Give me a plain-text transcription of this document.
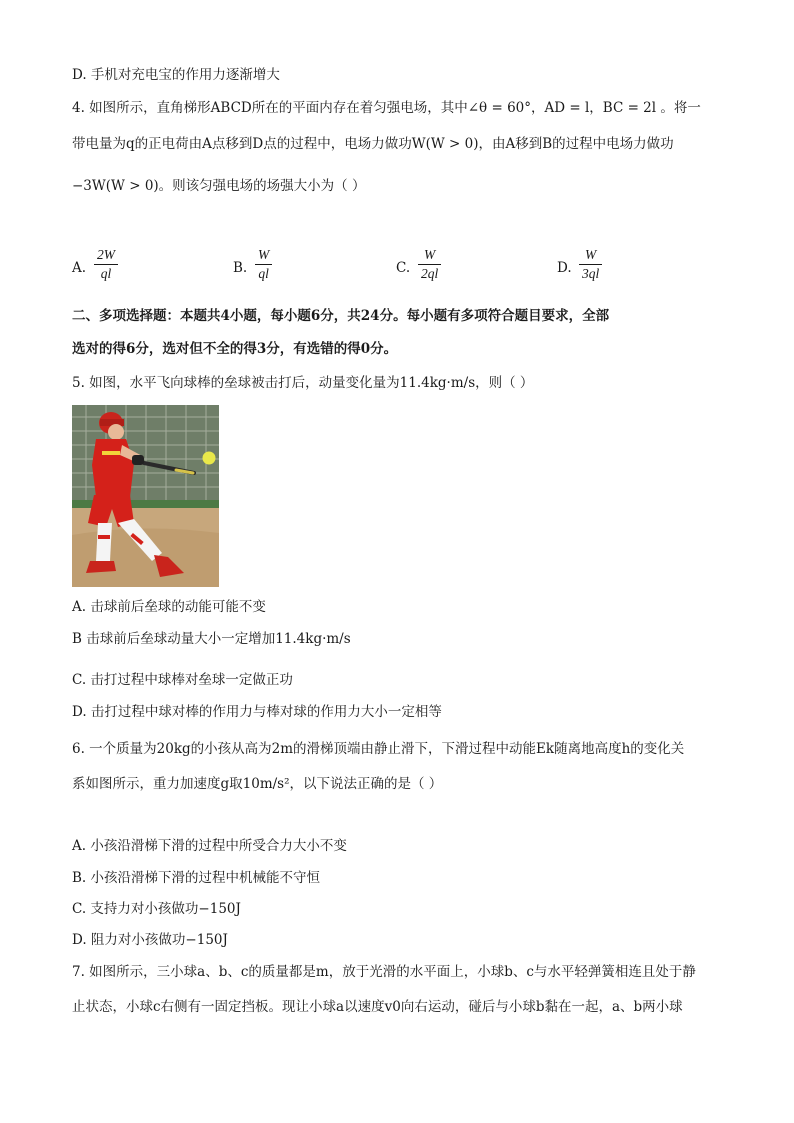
D. 手机对充电宝的作用力逐渐增大
4. 如图所示，直角梯形ABCD所在的平面内存在着匀强电场，其中∠θ = 60°，AD = l，BC = 2l 。将一
带电量为q的正电荷由A点移到D点的过程中，电场力做功W(W > 0)，由A移到B的过程中电场力做功
−3W(W > 0)。则该匀强电场的场强大小为（ ）
A.
2W
ql	B.
W
ql	C.
W
2ql	D.
W
3ql
二、多项选择题：本题共4小题，每小题6分，共24分。每小题有多项符合题目要求，全部
选对的得6分，选对但不全的得3分，有选错的得0分。
5. 如图，水平飞向球棒的垒球被击打后，动量变化量为11.4kg·m/s，则（ ）
A. 击球前后垒球的动能可能不变
B 击球前后垒球动量大小一定增加11.4kg·m/s
C. 击打过程中球棒对垒球一定做正功
D. 击打过程中球对棒的作用力与棒对球的作用力大小一定相等
6. 一个质量为20kg的小孩从高为2m的滑梯顶端由静止滑下，下滑过程中动能Ek随离地高度h的变化关
系如图所示，重力加速度g取10m/s²，以下说法正确的是（ ）
A. 小孩沿滑梯下滑的过程中所受合力大小不变
B. 小孩沿滑梯下滑的过程中机械能不守恒
C. 支持力对小孩做功−150J
D. 阻力对小孩做功−150J
7. 如图所示，三小球a、b、c的质量都是m，放于光滑的水平面上，小球b、c与水平轻弹簧相连且处于静
止状态，小球c右侧有一固定挡板。现让小球a以速度v0向右运动，碰后与小球b黏在一起，a、b两小球
